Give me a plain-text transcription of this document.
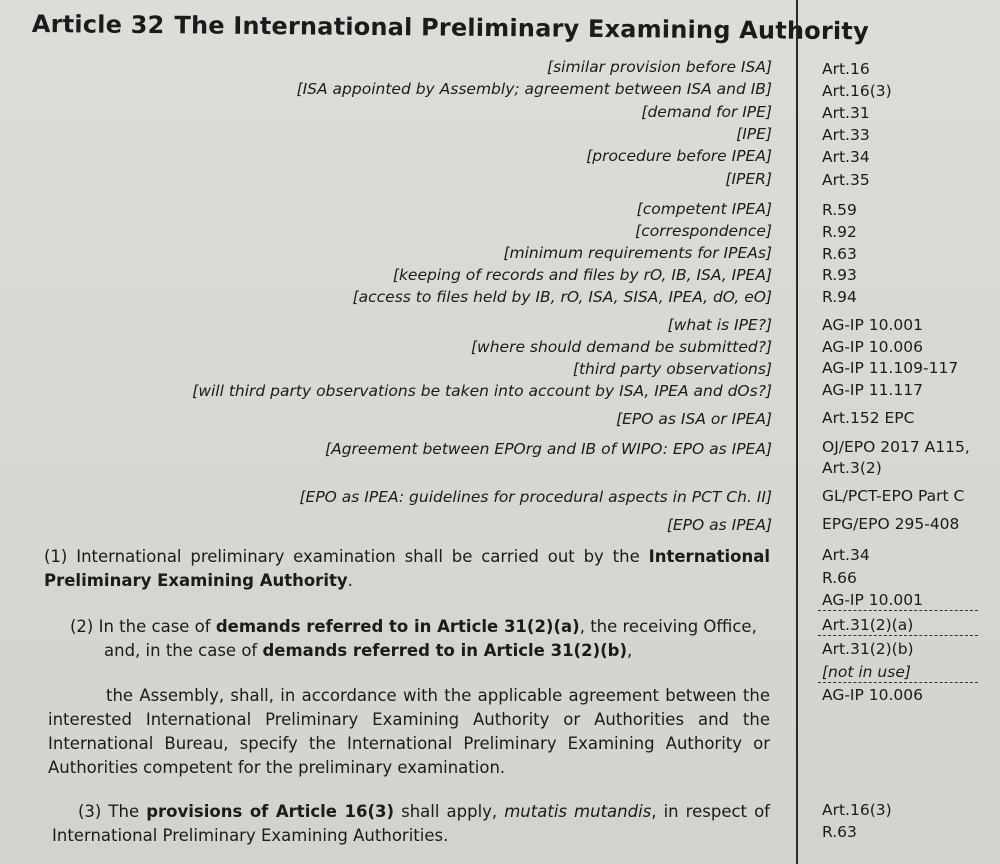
Article 32 The International Preliminary Examining Authority
[similar provision before ISA]	Art.16
[ISA appointed by Assembly; agreement between ISA and IB]	Art.16(3)
[demand for IPE]	Art.31
[IPE]	Art.33
[procedure before IPEA]	Art.34
[IPER]	Art.35
[competent IPEA]	R.59
[correspondence]	R.92
[minimum requirements for IPEAs]	R.63
[keeping of records and files by rO, IB, ISA, IPEA]	R.93
[access to files held by IB, rO, ISA, SISA, IPEA, dO, eO]	R.94
[what is IPE?]	AG-IP 10.001
[where should demand be submitted?]	AG-IP 10.006
[third party observations]	AG-IP 11.109-117
[will third party observations be taken into account by ISA, IPEA and dOs?]	AG-IP 11.117
[EPO as ISA or IPEA]	Art.152 EPC
[Agreement between EPOrg and IB of WIPO: EPO as IPEA]	OJ/EPO 2017 A115,
Art.3(2)
[EPO as IPEA: guidelines for procedural aspects in PCT Ch. II]	GL/PCT-EPO Part C
[EPO as IPEA]	EPG/EPO 295-408
(1) International preliminary examination shall be carried out by the International
Preliminary Examining Authority.
Art.34
R.66
AG-IP 10.001
(2) In the case of demands referred to in Article 31(2)(a), the receiving Office,
and, in the case of demands referred to in Article 31(2)(b),
Art.31(2)(a)
Art.31(2)(b)
[not in use]
AG-IP 10.006
the Assembly, shall, in accordance with the applicable agreement between the
interested International Preliminary Examining Authority or Authorities and the
International Bureau, specify the International Preliminary Examining Authority or
Authorities competent for the preliminary examination.
(3) The provisions of Article 16(3) shall apply, mutatis mutandis, in respect of
International Preliminary Examining Authorities.
Art.16(3)
R.63
